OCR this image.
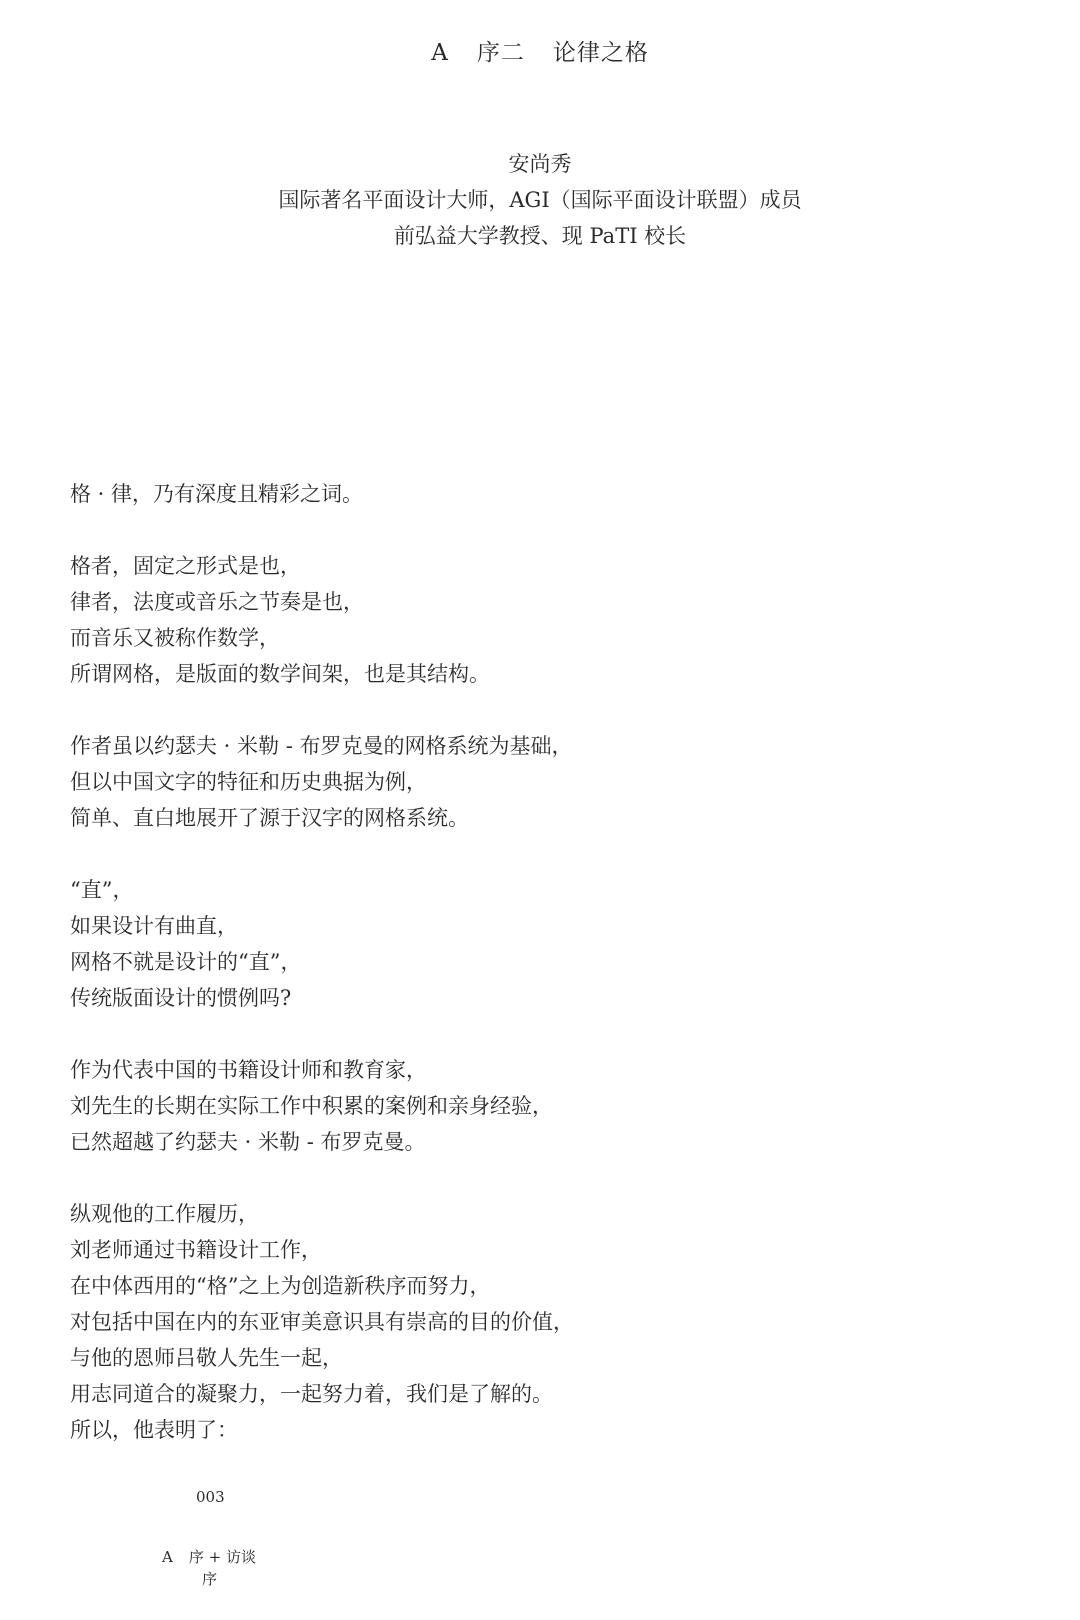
A 序二 论律之格
安尚秀
国际著名平面设计大师，AGI（国际平面设计联盟）成员
前弘益大学教授、现 PaTI 校长
格 · 律，乃有深度且精彩之词。
格者，固定之形式是也，
律者，法度或音乐之节奏是也，
而音乐又被称作数学，
所谓网格，是版面的数学间架，也是其结构。
作者虽以约瑟夫 · 米勒 - 布罗克曼的网格系统为基础，
但以中国文字的特征和历史典据为例，
简单、直白地展开了源于汉字的网格系统。
“直”，
如果设计有曲直，
网格不就是设计的“直”，
传统版面设计的惯例吗?
作为代表中国的书籍设计师和教育家，
刘先生的长期在实际工作中积累的案例和亲身经验，
已然超越了约瑟夫 · 米勒 - 布罗克曼。
纵观他的工作履历，
刘老师通过书籍设计工作，
在中体西用的“格”之上为创造新秩序而努力，
对包括中国在内的东亚审美意识具有崇高的目的价值，
与他的恩师吕敬人先生一起，
用志同道合的凝聚力，一起努力着，我们是了解的。
所以，他表明了：
003
A 序 + 访谈
序
